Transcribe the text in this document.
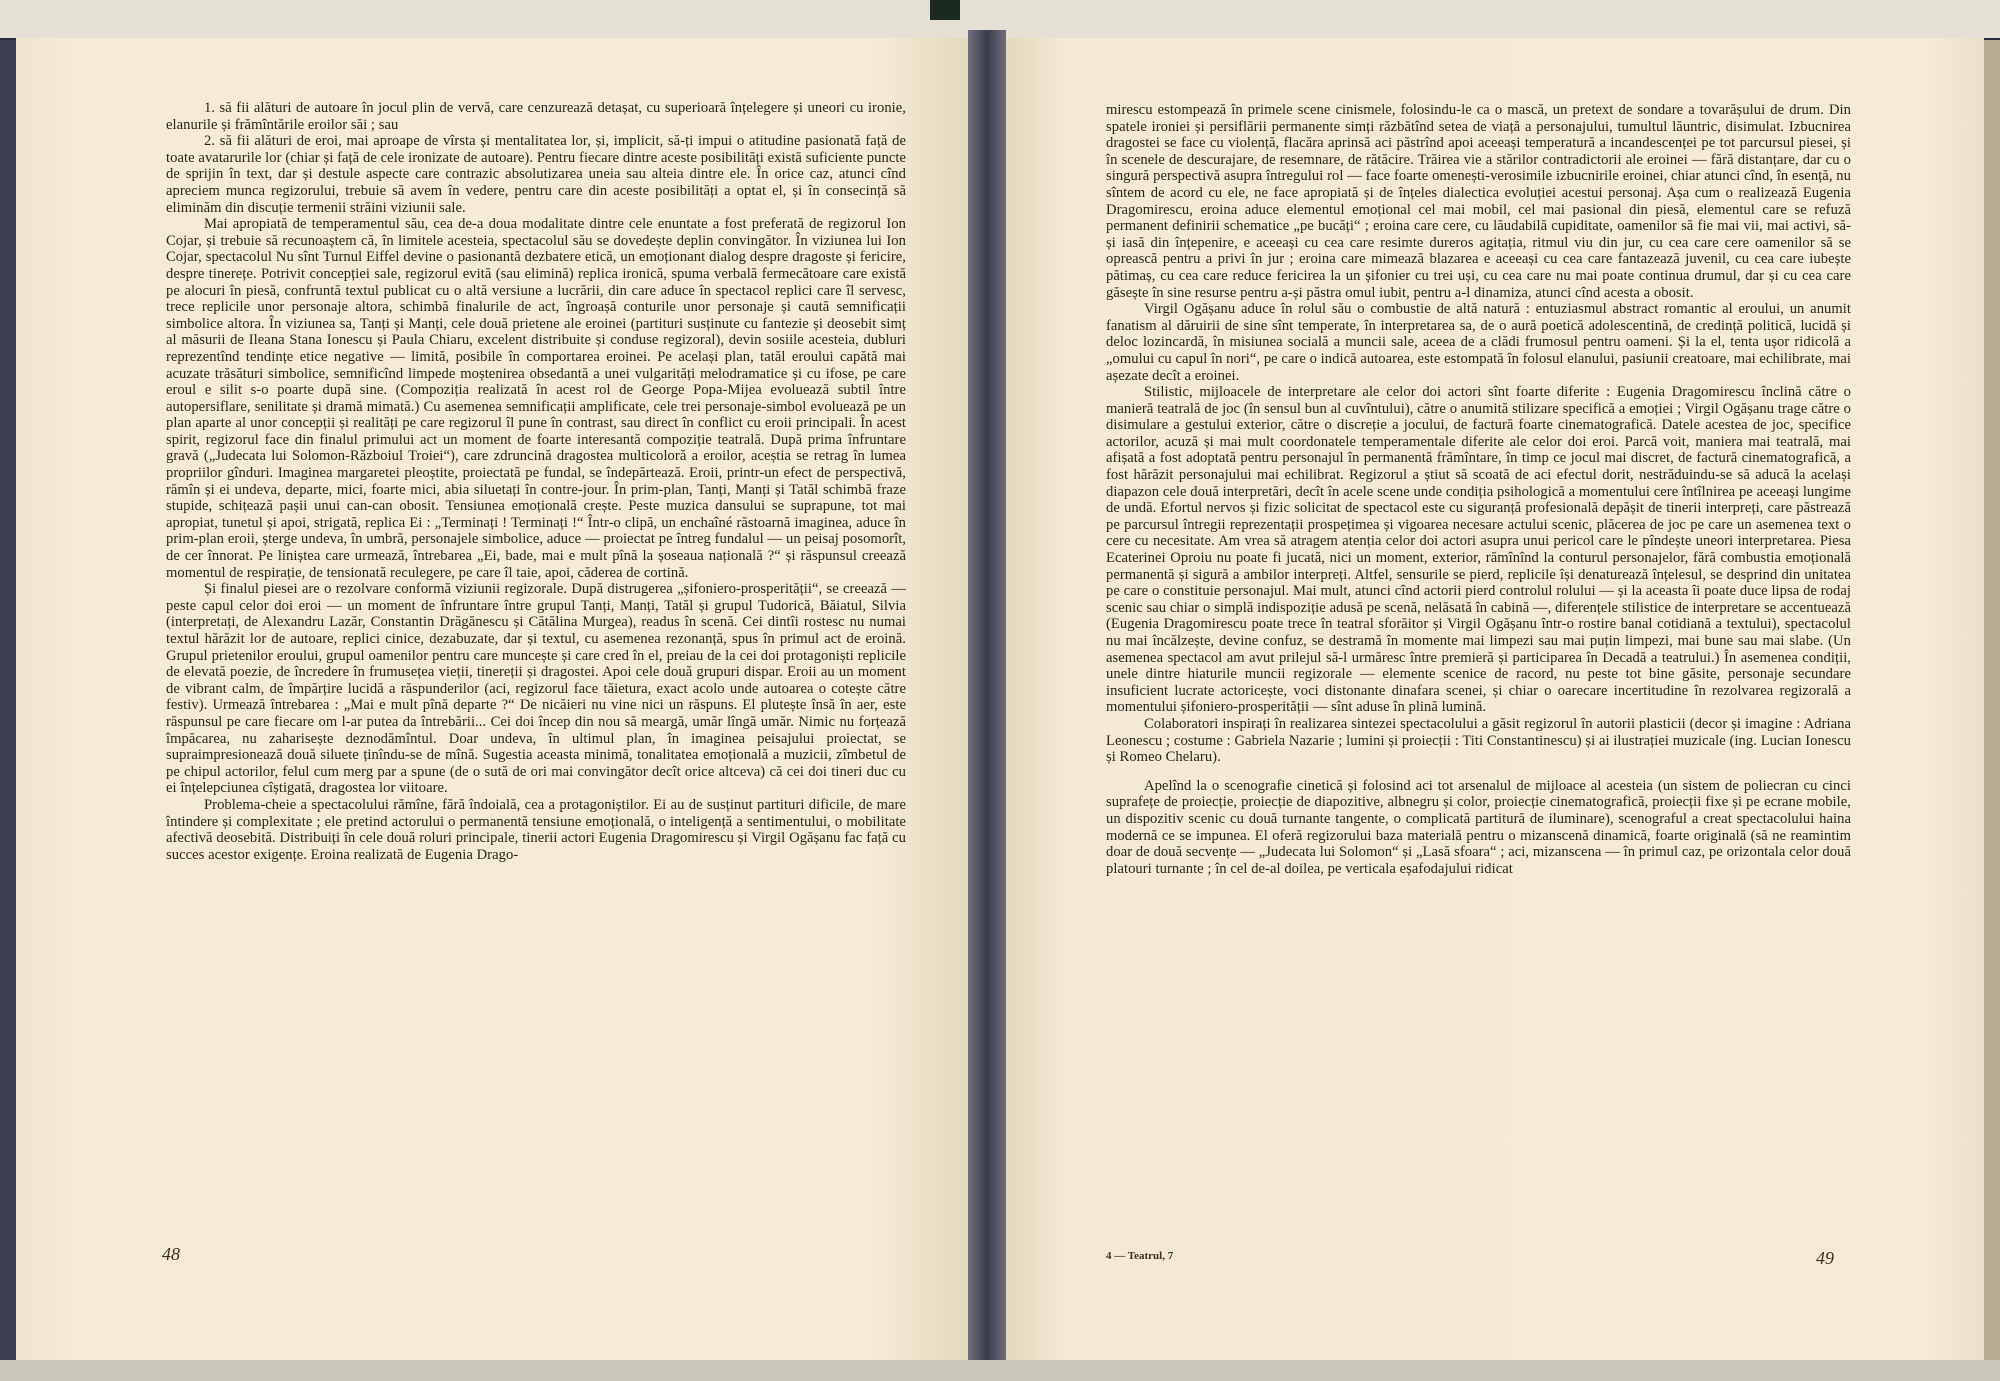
1. să fii alături de autoare în jocul plin de vervă, care cenzurează detașat, cu superioară înțelegere și uneori cu ironie, elanurile și frămîntările eroilor săi ; sau

2. să fii alături de eroi, mai aproape de vîrsta și mentalitatea lor, și, implicit, să-ți impui o atitudine pasionată față de toate avatarurile lor (chiar și față de cele ironizate de autoare). Pentru fiecare dintre aceste posibilități există suficiente puncte de sprijin în text, dar și destule aspecte care contrazic absolutizarea uneia sau alteia dintre ele. În orice caz, atunci cînd apreciem munca regizorului, trebuie să avem în vedere, pentru care din aceste posibilități a optat el, și în consecință să eliminăm din discuție termenii străini viziunii sale.

Mai apropiată de temperamentul său, cea de-a doua modalitate dintre cele enuntate a fost preferată de regizorul Ion Cojar, și trebuie să recunoaștem că, în limitele acesteia, spectacolul său se dovedește deplin convingător. În viziunea lui Ion Cojar, spectacolul Nu sînt Turnul Eiffel devine o pasionantă dezbatere etică, un emoționant dialog despre dragoste și fericire, despre tinerețe. Potrivit concepției sale, regizorul evită (sau elimină) replica ironică, spuma verbală fermecătoare care există pe alocuri în piesă, confruntă textul publicat cu o altă versiune a lucrării, din care aduce în spectacol replici care îl servesc, trece replicile unor personaje altora, schimbă finalurile de act, îngroașă conturile unor personaje și caută semnificații simbolice altora. În viziunea sa, Tanți și Manți, cele două prietene ale eroinei (partituri susținute cu fantezie și deosebit simț al măsurii de Ileana Stana Ionescu și Paula Chiaru, excelent distribuite și conduse regizoral), devin sosiile acesteia, dubluri reprezentînd tendințe etice negative — limită, posibile în comportarea eroinei. Pe același plan, tatăl eroului capătă mai acuzate trăsături simbolice, semnificînd limpede moștenirea obsedantă a unei vulgarități melodramatice și cu ifose, pe care eroul e silit s-o poarte după sine. (Compoziția realizată în acest rol de George Popa-Mijea evoluează subtil între autopersiflare, senilitate și dramă mimată.) Cu asemenea semnificații amplificate, cele trei personaje-simbol evoluează pe un plan aparte al unor concepții și realități pe care regizorul îl pune în contrast, sau direct în conflict cu eroii principali. În acest spirit, regizorul face din finalul primului act un moment de foarte interesantă compoziție teatrală. După prima înfruntare gravă („Judecata lui Solomon-Războiul Troiei“), care zdruncină dragostea multicoloră a eroilor, aceștia se retrag în lumea propriilor gînduri. Imaginea margaretei pleoștite, proiectată pe fundal, se îndepărtează. Eroii, printr-un efect de perspectivă, rămîn și ei undeva, departe, mici, foarte mici, abia siluetați în contre-jour. În prim-plan, Tanți, Manți și Tatăl schimbă fraze stupide, schițează pașii unui can-can obosit. Tensiunea emoțională crește. Peste muzica dansului se suprapune, tot mai apropiat, tunetul și apoi, strigată, replica Ei : „Terminați ! Terminați !“ Într-o clipă, un enchaîné răstoarnă imaginea, aduce în prim-plan eroii, șterge undeva, în umbră, personajele simbolice, aduce — proiectat pe întreg fundalul — un peisaj posomorît, de cer înnorat. Pe liniștea care urmează, întrebarea „Ei, bade, mai e mult pînă la șoseaua națională ?“ și răspunsul creează momentul de respirație, de tensionată reculegere, pe care îl taie, apoi, căderea de cortină.

Și finalul piesei are o rezolvare conformă viziunii regizorale. După distrugerea „șifoniero-prosperității“, se creează — peste capul celor doi eroi — un moment de înfruntare între grupul Tanți, Manți, Tatăl și grupul Tudorică, Băiatul, Silvia (interpretați, de Alexandru Lazăr, Constantin Drăgănescu și Cătălina Murgea), readus în scenă. Cei dintîi rostesc nu numai textul hărăzit lor de autoare, replici cinice, dezabuzate, dar și textul, cu asemenea rezonanță, spus în primul act de eroină. Grupul prietenilor eroului, grupul oamenilor pentru care muncește și care cred în el, preiau de la cei doi protagoniști replicile de elevată poezie, de încredere în frumusețea vieții, tinereții și dragostei. Apoi cele două grupuri dispar. Eroii au un moment de vibrant calm, de împărțire lucidă a răspunderilor (aci, regizorul face tăietura, exact acolo unde autoarea o cotește către festiv). Urmează întrebarea : „Mai e mult pînă departe ?“ De nicăieri nu vine nici un răspuns. El plutește însă în aer, este răspunsul pe care fiecare om l-ar putea da întrebării... Cei doi încep din nou să meargă, umăr lîngă umăr. Nimic nu forțează împăcarea, nu zaharisește deznodămîntul. Doar undeva, în ultimul plan, în imaginea peisajului proiectat, se supraimpresionează două siluete ținîndu-se de mînă. Sugestia aceasta minimă, tonalitatea emoțională a muzicii, zîmbetul de pe chipul actorilor, felul cum merg par a spune (de o sută de ori mai convingător decît orice altceva) că cei doi tineri duc cu ei înțelepciunea cîștigată, dragostea lor viitoare.

Problema-cheie a spectacolului rămîne, fără îndoială, cea a protagoniștilor. Ei au de susținut partituri dificile, de mare întindere și complexitate ; ele pretind actorului o permanentă tensiune emoțională, o inteligență a sentimentului, o mobilitate afectivă deosebită. Distribuiți în cele două roluri principale, tinerii actori Eugenia Dragomirescu și Virgil Ogășanu fac față cu succes acestor exigențe. Eroina realizată de Eugenia Drago-

48

mirescu estompează în primele scene cinismele, folosindu-le ca o mască, un pretext de sondare a tovarășului de drum. Din spatele ironiei și persiflării permanente simți răzbătînd setea de viață a personajului, tumultul lăuntric, disimulat. Izbucnirea dragostei se face cu violență, flacăra aprinsă aci păstrînd apoi aceeași temperatură a incandescenței pe tot parcursul piesei, și în scenele de descurajare, de resemnare, de rătăcire. Trăirea vie a stărilor contradictorii ale eroinei — fără distanțare, dar cu o singură perspectivă asupra întregului rol — face foarte omenești-verosimile izbucnirile eroinei, chiar atunci cînd, în esență, nu sîntem de acord cu ele, ne face apropiată și de înțeles dialectica evoluției acestui personaj. Așa cum o realizează Eugenia Dragomirescu, eroina aduce elementul emoțional cel mai mobil, cel mai pasional din piesă, elementul care se refuză permanent definirii schematice „pe bucăți“ ; eroina care cere, cu lăudabilă cupiditate, oamenilor să fie mai vii, mai activi, să-și iasă din înțepenire, e aceeași cu cea care resimte dureros agitația, ritmul viu din jur, cu cea care cere oamenilor să se oprească pentru a privi în jur ; eroina care mimează blazarea e aceeași cu cea care fantazează juvenil, cu cea care iubește pătimaș, cu cea care reduce fericirea la un șifonier cu trei uși, cu cea care nu mai poate continua drumul, dar și cu cea care găsește în sine resurse pentru a-și păstra omul iubit, pentru a-l dinamiza, atunci cînd acesta a obosit.

Virgil Ogășanu aduce în rolul său o combustie de altă natură : entuziasmul abstract romantic al eroului, un anumit fanatism al dăruirii de sine sînt temperate, în interpretarea sa, de o aură poetică adolescentină, de credință politică, lucidă și deloc lozincardă, în misiunea socială a muncii sale, aceea de a clădi frumosul pentru oameni. Și la el, tenta ușor ridicolă a „omului cu capul în nori“, pe care o indică autoarea, este estompată în folosul elanului, pasiunii creatoare, mai echilibrate, mai așezate decît a eroinei.

Stilistic, mijloacele de interpretare ale celor doi actori sînt foarte diferite : Eugenia Dragomirescu înclină către o manieră teatrală de joc (în sensul bun al cuvîntului), către o anumită stilizare specifică a emoției ; Virgil Ogășanu trage către o disimulare a gestului exterior, către o discreție a jocului, de factură foarte cinematografică. Datele acestea de joc, specifice actorilor, acuză și mai mult coordonatele temperamentale diferite ale celor doi eroi. Parcă voit, maniera mai teatrală, mai afișată a fost adoptată pentru personajul în permanentă frămîntare, în timp ce jocul mai discret, de factură cinematografică, a fost hărăzit personajului mai echilibrat. Regizorul a știut să scoată de aci efectul dorit, nestrăduindu-se să aducă la același diapazon cele două interpretări, decît în acele scene unde condiția psihologică a momentului cere întîlnirea pe aceeași lungime de undă. Efortul nervos și fizic solicitat de spectacol este cu siguranță profesională depășit de tinerii interpreți, care păstrează pe parcursul întregii reprezentații prospețimea și vigoarea necesare actului scenic, plăcerea de joc pe care un asemenea text o cere cu necesitate. Am vrea să atragem atenția celor doi actori asupra unui pericol care le pîndește uneori interpretarea. Piesa Ecaterinei Oproiu nu poate fi jucată, nici un moment, exterior, rămînînd la conturul personajelor, fără combustia emoțională permanentă și sigură a ambilor interpreți. Altfel, sensurile se pierd, replicile își denaturează înțelesul, se desprind din unitatea pe care o constituie personajul. Mai mult, atunci cînd actorii pierd controlul rolului — și la aceasta îi poate duce lipsa de rodaj scenic sau chiar o simplă indispoziție adusă pe scenă, nelăsată în cabină —, diferențele stilistice de interpretare se accentuează (Eugenia Dragomirescu poate trece în teatral sforăitor și Virgil Ogășanu într-o rostire banal cotidiană a textului), spectacolul nu mai încălzește, devine confuz, se destramă în momente mai limpezi sau mai puțin limpezi, mai bune sau mai slabe. (Un asemenea spectacol am avut prilejul să-l urmăresc între premieră și participarea în Decadă a teatrului.) În asemenea condiții, unele dintre hiaturile muncii regizorale — elemente scenice de racord, nu peste tot bine găsite, personaje secundare insuficient lucrate actoricește, voci distonante dinafara scenei, și chiar o oarecare incertitudine în rezolvarea regizorală a momentului șifoniero-prosperității — sînt aduse în plină lumină.

Colaboratori inspirați în realizarea sintezei spectacolului a găsit regizorul în autorii plasticii (decor și imagine : Adriana Leonescu ; costume : Gabriela Nazarie ; lumini și proiecții : Titi Constantinescu) și ai ilustrației muzicale (ing. Lucian Ionescu și Romeo Chelaru).

Apelînd la o scenografie cinetică și folosind aci tot arsenalul de mijloace al acesteia (un sistem de poliecran cu cinci suprafețe de proiecție, proiecție de diapozitive, albnegru și color, proiecție cinematografică, proiecții fixe și pe ecrane mobile, un dispozitiv scenic cu două turnante tangente, o complicată partitură de iluminare), scenograful a creat spectacolului haina modernă ce se impunea. El oferă regizorului baza materială pentru o mizanscenă dinamică, foarte originală (să ne reamintim doar de două secvențe — „Judecata lui Solomon“ și „Lasă sfoara“ ; aci, mizanscena — în primul caz, pe orizontala celor două platouri turnante ; în cel de-al doilea, pe verticala eșafodajului ridicat

4 — Teatrul, 7	49
